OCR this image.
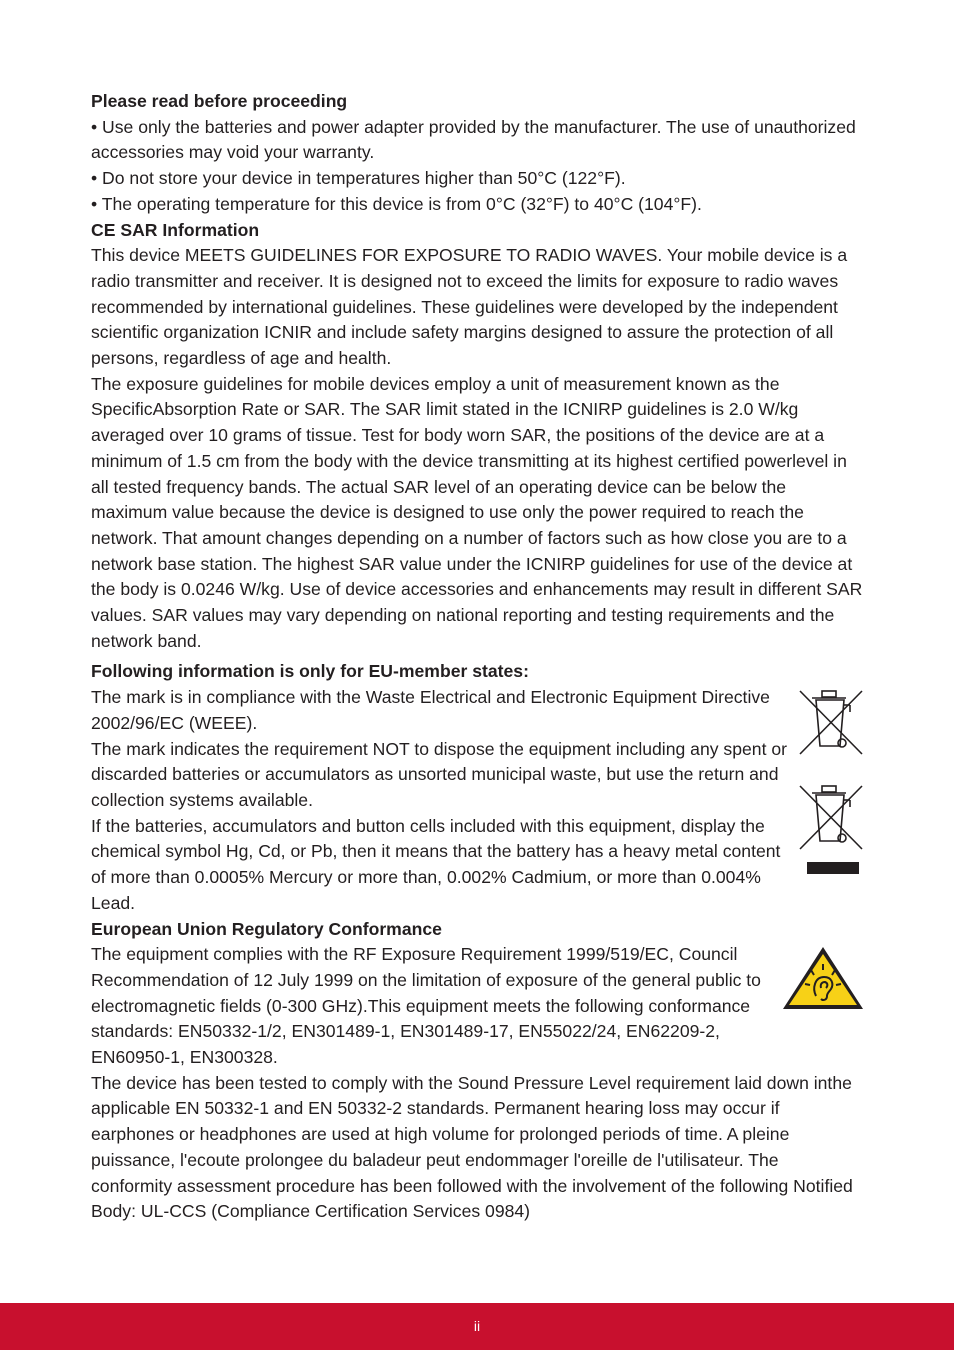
Please read before proceeding

• Use only the batteries and power adapter provided by the manufacturer. The use of unauthorized accessories may void your warranty.

• Do not store your device in temperatures higher than 50°C (122°F).

• The operating temperature for this device is from 0°C (32°F) to 40°C (104°F).

CE SAR Information

This device MEETS GUIDELINES FOR EXPOSURE TO RADIO WAVES. Your mobile device is a radio transmitter and receiver. It is designed not to exceed the limits for exposure to radio waves recommended by international guidelines. These guidelines were developed by the independent scientific organization ICNIR and include safety margins designed to assure the protection of all persons, regardless of age and health.

The exposure guidelines for mobile devices employ a unit of measurement known as the SpecificAbsorption Rate or SAR. The SAR limit stated in the ICNIRP guidelines is 2.0 W/kg averaged over 10 grams of tissue. Test for body worn SAR, the positions of the device are at a minimum of 1.5 cm from the body with the device transmitting at its highest certified powerlevel in all tested frequency bands. The actual SAR level of an operating device can be below the maximum value because the device is designed to use only the power required to reach the network. That amount changes depending on a number of factors such as how close you are to a network base station. The highest SAR value under the ICNIRP guidelines for use of the device at the body is 0.0246 W/kg. Use of device accessories and enhancements may result in different SAR values. SAR values may vary depending on national reporting and testing requirements and the network band.

Following information is only for EU-member states:

The mark is in compliance with the Waste Electrical and Electronic Equipment Directive 2002/96/EC (WEEE).

The mark indicates the requirement NOT to dispose the equipment including any spent or discarded batteries or accumulators as unsorted municipal waste, but use the return and collection systems available.

If the batteries, accumulators and button cells included with this equipment, display the chemical symbol Hg, Cd, or Pb, then it means that the battery has a heavy metal content of more than 0.0005% Mercury or more than, 0.002% Cadmium, or more than 0.004% Lead.

European Union Regulatory Conformance

The equipment complies with the RF Exposure Requirement 1999/519/EC, Council Recommendation of 12 July 1999 on the limitation of exposure of the general public to electromagnetic fields (0-300 GHz).This equipment meets the following conformance standards: EN50332-1/2, EN301489-1, EN301489-17, EN55022/24, EN62209-2, EN60950-1, EN300328.

The device has been tested to comply with the Sound Pressure Level requirement laid down inthe applicable EN 50332-1 and EN 50332-2 standards. Permanent hearing loss may occur if earphones or headphones are used at high volume for prolonged periods of time. A pleine puissance, l'ecoute prolongee du baladeur peut endommager l'oreille de l'utilisateur. The conformity assessment procedure has been followed with the involvement of the following Notified Body: UL-CCS (Compliance Certification Services 0984)

ii
